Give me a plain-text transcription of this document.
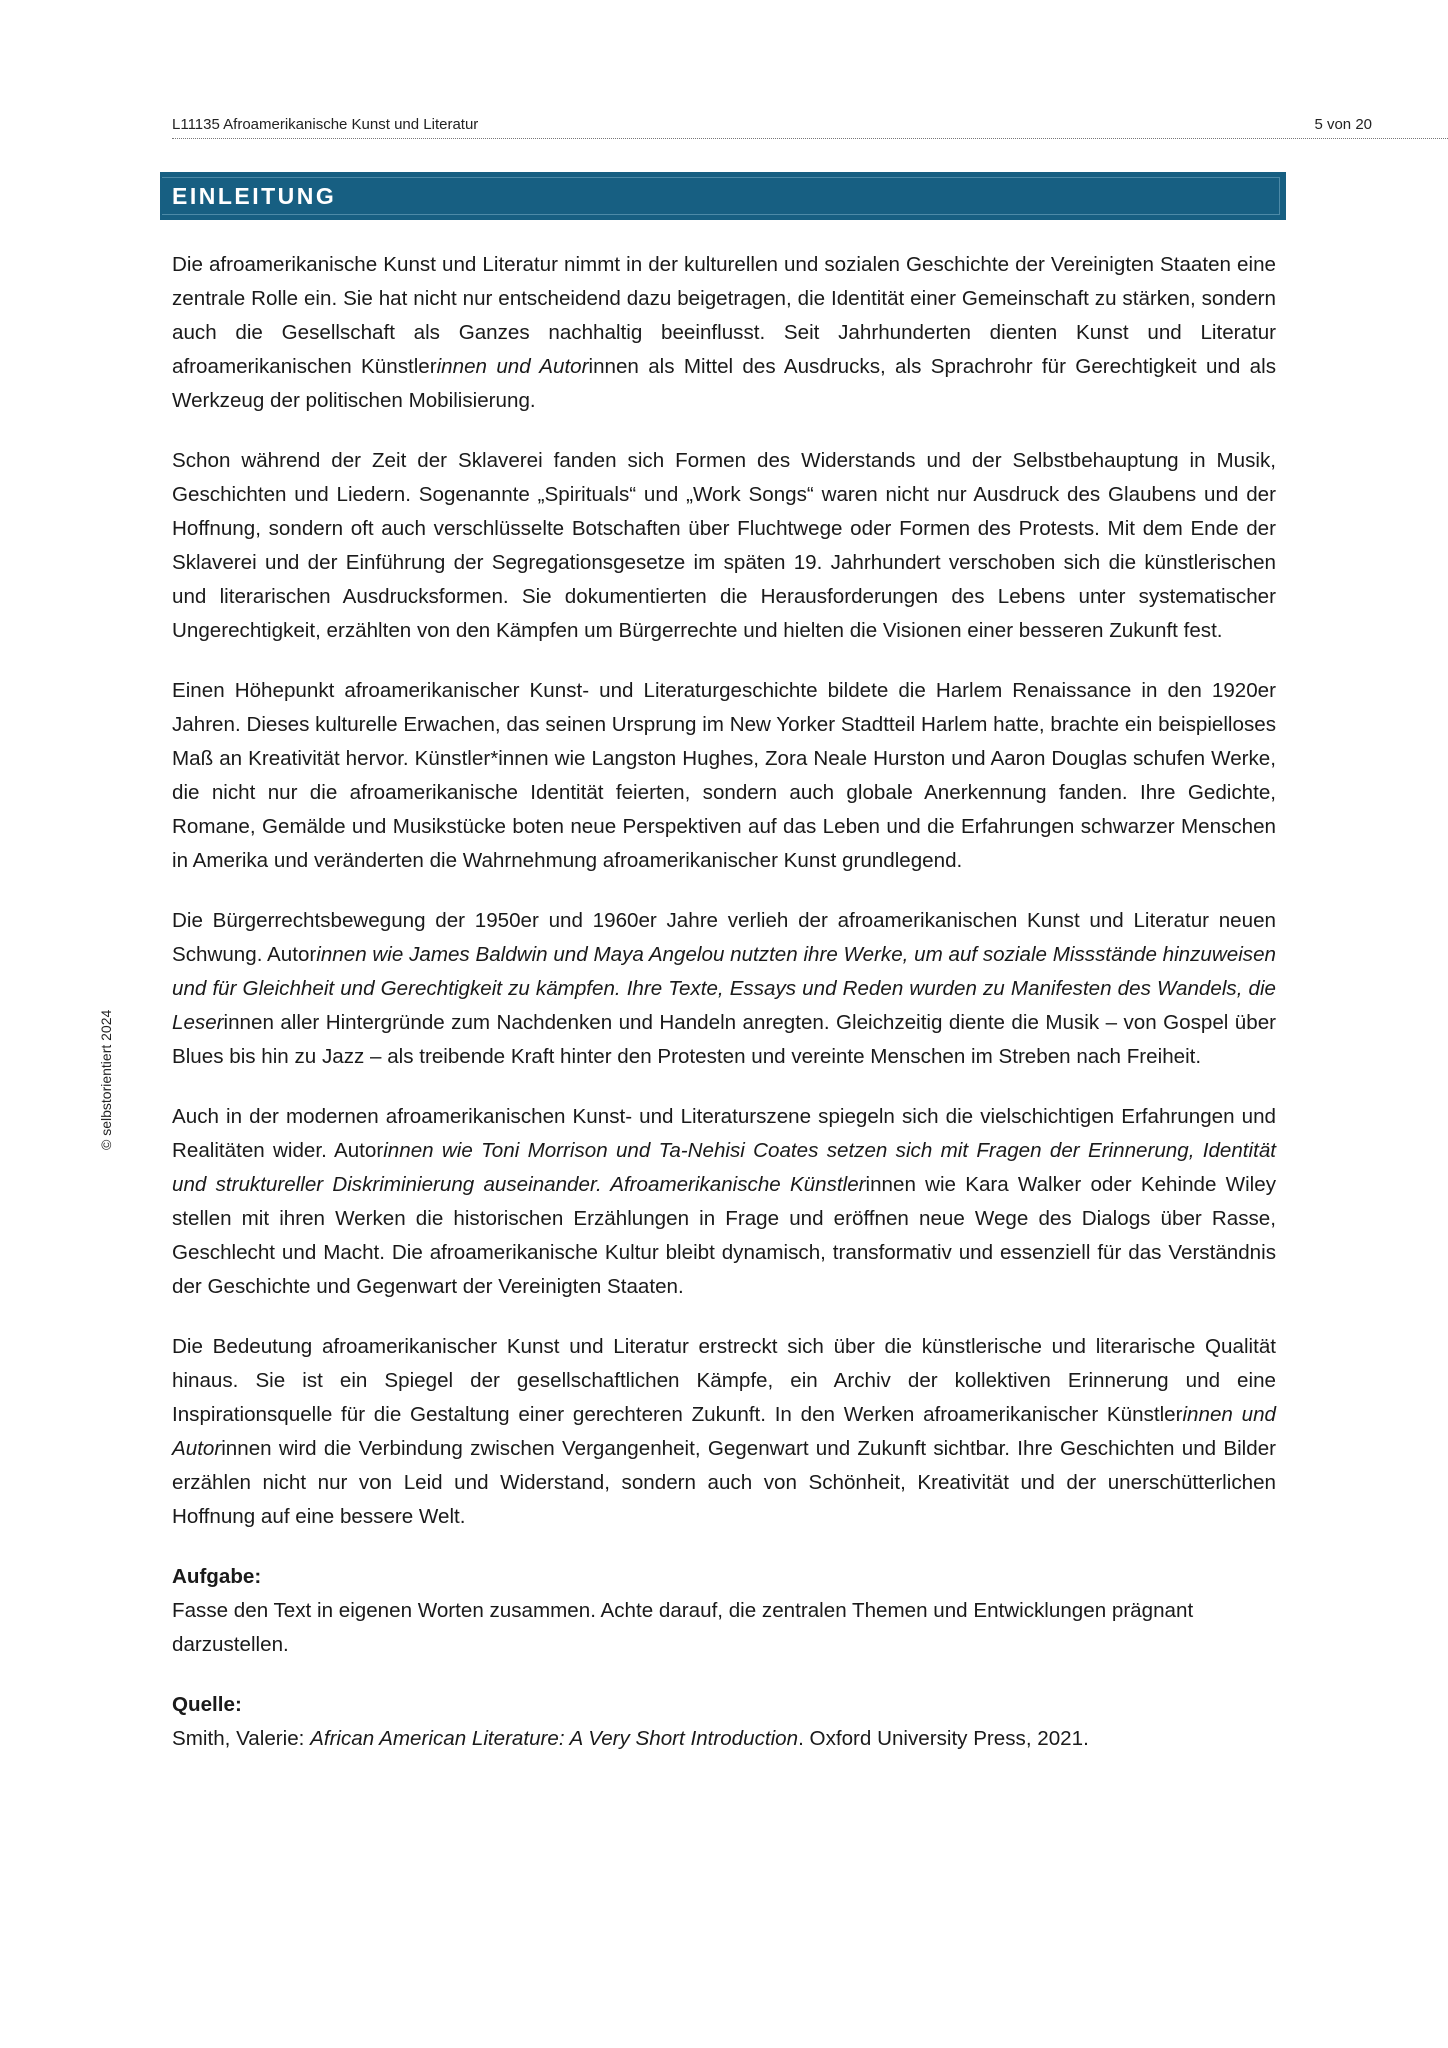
L11135 Afroamerikanische Kunst und Literatur	5 von 20
EINLEITUNG
© selbstorientiert 2024

Die afroamerikanische Kunst und Literatur nimmt in der kulturellen und sozialen Geschichte der Vereinigten Staaten eine zentrale Rolle ein. Sie hat nicht nur entscheidend dazu beigetragen, die Identität einer Gemeinschaft zu stärken, sondern auch die Gesellschaft als Ganzes nachhaltig beeinflusst. Seit Jahrhunderten dienten Kunst und Literatur afroamerikanischen Künstlerinnen und Autorinnen als Mittel des Ausdrucks, als Sprachrohr für Gerechtigkeit und als Werkzeug der politischen Mobilisierung.

Schon während der Zeit der Sklaverei fanden sich Formen des Widerstands und der Selbstbehauptung in Musik, Geschichten und Liedern. Sogenannte „Spirituals“ und „Work Songs“ waren nicht nur Ausdruck des Glaubens und der Hoffnung, sondern oft auch verschlüsselte Botschaften über Fluchtwege oder Formen des Protests. Mit dem Ende der Sklaverei und der Einführung der Segregationsgesetze im späten 19. Jahrhundert verschoben sich die künstlerischen und literarischen Ausdrucksformen. Sie dokumentierten die Herausforderungen des Lebens unter systematischer Ungerechtigkeit, erzählten von den Kämpfen um Bürgerrechte und hielten die Visionen einer besseren Zukunft fest.

Einen Höhepunkt afroamerikanischer Kunst- und Literaturgeschichte bildete die Harlem Renaissance in den 1920er Jahren. Dieses kulturelle Erwachen, das seinen Ursprung im New Yorker Stadtteil Harlem hatte, brachte ein beispielloses Maß an Kreativität hervor. Künstler*innen wie Langston Hughes, Zora Neale Hurston und Aaron Douglas schufen Werke, die nicht nur die afroamerikanische Identität feierten, sondern auch globale Anerkennung fanden. Ihre Gedichte, Romane, Gemälde und Musikstücke boten neue Perspektiven auf das Leben und die Erfahrungen schwarzer Menschen in Amerika und veränderten die Wahrnehmung afroamerikanischer Kunst grundlegend.

Die Bürgerrechtsbewegung der 1950er und 1960er Jahre verlieh der afroamerikanischen Kunst und Literatur neuen Schwung. Autorinnen wie James Baldwin und Maya Angelou nutzten ihre Werke, um auf soziale Missstände hinzuweisen und für Gleichheit und Gerechtigkeit zu kämpfen. Ihre Texte, Essays und Reden wurden zu Manifesten des Wandels, die Leserinnen aller Hintergründe zum Nachdenken und Handeln anregten. Gleichzeitig diente die Musik – von Gospel über Blues bis hin zu Jazz – als treibende Kraft hinter den Protesten und vereinte Menschen im Streben nach Freiheit.

Auch in der modernen afroamerikanischen Kunst- und Literaturszene spiegeln sich die vielschichtigen Erfahrungen und Realitäten wider. Autorinnen wie Toni Morrison und Ta-Nehisi Coates setzen sich mit Fragen der Erinnerung, Identität und struktureller Diskriminierung auseinander. Afroamerikanische Künstlerinnen wie Kara Walker oder Kehinde Wiley stellen mit ihren Werken die historischen Erzählungen in Frage und eröffnen neue Wege des Dialogs über Rasse, Geschlecht und Macht. Die afroamerikanische Kultur bleibt dynamisch, transformativ und essenziell für das Verständnis der Geschichte und Gegenwart der Vereinigten Staaten.

Die Bedeutung afroamerikanischer Kunst und Literatur erstreckt sich über die künstlerische und literarische Qualität hinaus. Sie ist ein Spiegel der gesellschaftlichen Kämpfe, ein Archiv der kollektiven Erinnerung und eine Inspirationsquelle für die Gestaltung einer gerechteren Zukunft. In den Werken afroamerikanischer Künstlerinnen und Autorinnen wird die Verbindung zwischen Vergangenheit, Gegenwart und Zukunft sichtbar. Ihre Geschichten und Bilder erzählen nicht nur von Leid und Widerstand, sondern auch von Schönheit, Kreativität und der unerschütterlichen Hoffnung auf eine bessere Welt.

Aufgabe:
Fasse den Text in eigenen Worten zusammen. Achte darauf, die zentralen Themen und Entwicklungen prägnant darzustellen.
Quelle:
Smith, Valerie: African American Literature: A Very Short Introduction. Oxford University Press, 2021.
